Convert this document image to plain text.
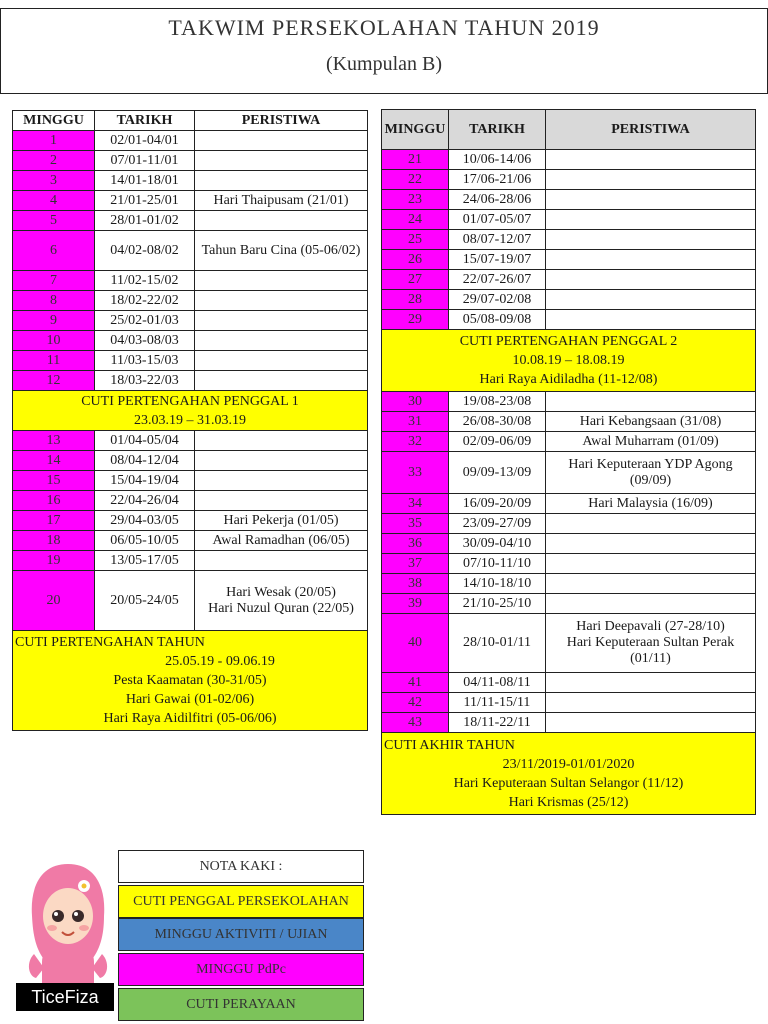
TAKWIM PERSEKOLAHAN TAHUN 2019
(Kumpulan B)
MINGGU	TARIKH	PERISTIWA
1	02/01-04/01	
2	07/01-11/01	
3	14/01-18/01	
4	21/01-25/01	Hari Thaipusam (21/01)
5	28/01-01/02	
6	04/02-08/02	Tahun Baru Cina (05-06/02)
7	11/02-15/02	
8	18/02-22/02	
9	25/02-01/03	
10	04/03-08/03	
11	11/03-15/03	
12	18/03-22/03	

CUTI PERTENGAHAN PENGGAL 1
23.03.19 – 31.03.19		

13	01/04-05/04	
14	08/04-12/04	
15	15/04-19/04	
16	22/04-26/04	
17	29/04-03/05	Hari Pekerja (01/05)
18	06/05-10/05	Awal Ramadhan (06/05)
19	13/05-17/05	
20	20/05-24/05	Hari Wesak (20/05)
Hari Nuzul Quran (22/05)

CUTI PERTENGAHAN TAHUN
25.05.19 - 09.06.19
Pesta Kaamatan (30-31/05)
Hari Gawai (01-02/06)
Hari Raya Aidilfitri (05-06/06)		
MINGGU	TARIKH	PERISTIWA
21	10/06-14/06	
22	17/06-21/06	
23	24/06-28/06	
24	01/07-05/07	
25	08/07-12/07	
26	15/07-19/07	
27	22/07-26/07	
28	29/07-02/08	
29	05/08-09/08	

CUTI PERTENGAHAN PENGGAL 2
10.08.19 – 18.08.19
Hari Raya Aidiladha (11-12/08)		

30	19/08-23/08	
31	26/08-30/08	Hari Kebangsaan (31/08)
32	02/09-06/09	Awal Muharram (01/09)
33	09/09-13/09	Hari Keputeraan YDP Agong (09/09)
34	16/09-20/09	Hari Malaysia (16/09)
35	23/09-27/09	
36	30/09-04/10	
37	07/10-11/10	
38	14/10-18/10	
39	21/10-25/10	
40	28/10-01/11	Hari Deepavali (27-28/10)
Hari Keputeraan Sultan Perak (01/11)

41	04/11-08/11	
42	11/11-15/11	
43	18/11-22/11	

CUTI AKHIR TAHUN
23/11/2019-01/01/2020
Hari Keputeraan Sultan Selangor (11/12)
Hari Krismas (25/12)		
NOTA KAKI :
CUTI PENGGAL PERSEKOLAHAN
MINGGU AKTIVITI / UJIAN
MINGGU PdPc
CUTI PERAYAAN
TiceFiza
